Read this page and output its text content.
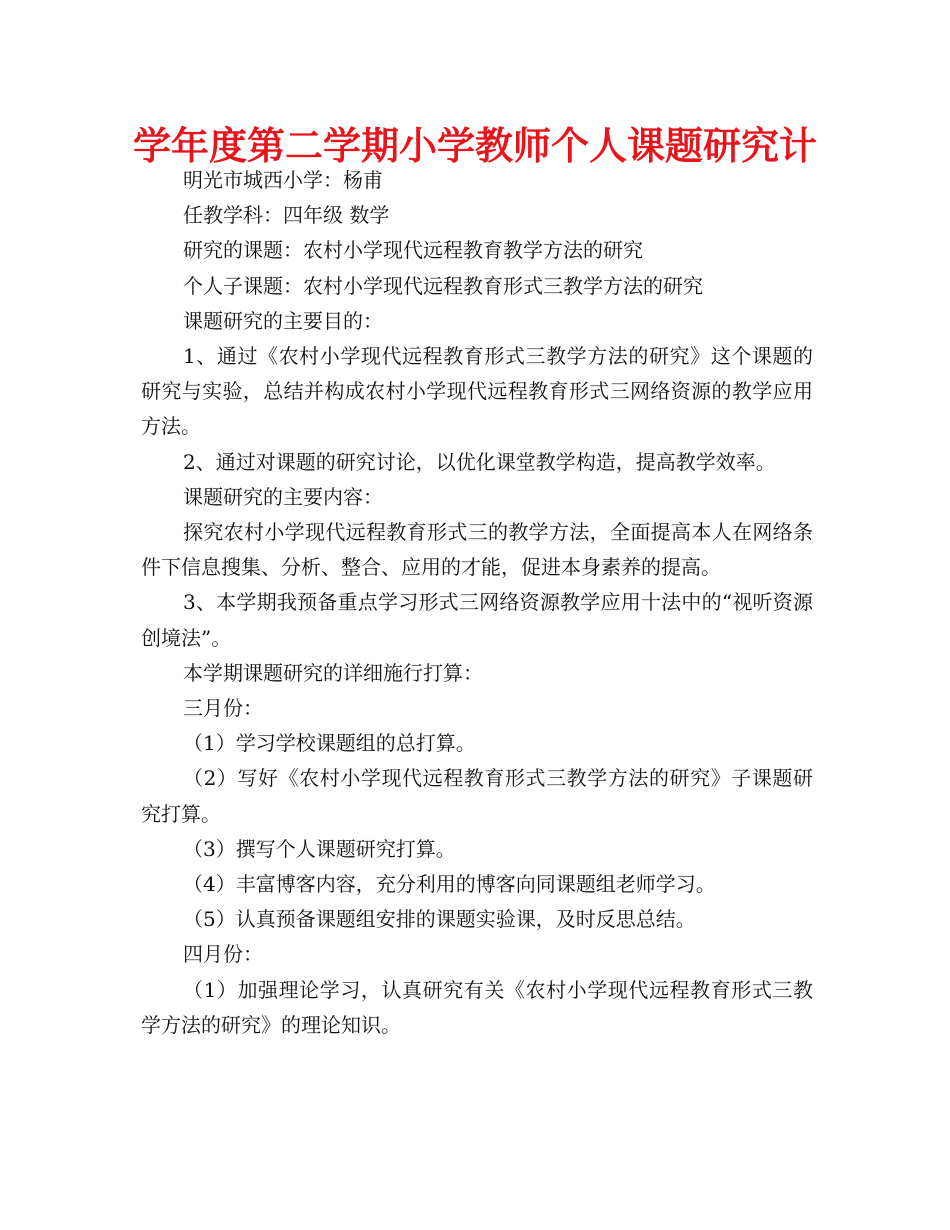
学年度第二学期小学教师个人课题研究计

明光市城西小学：杨甫

任教学科：四年级 数学

研究的课题：农村小学现代远程教育教学方法的研究

个人子课题：农村小学现代远程教育形式三教学方法的研究

课题研究的主要目的：

1、通过《农村小学现代远程教育形式三教学方法的研究》这个课题的研究与实验，总结并构成农村小学现代远程教育形式三网络资源的教学应用方法。

2、通过对课题的研究讨论，以优化课堂教学构造，提高教学效率。

课题研究的主要内容：

探究农村小学现代远程教育形式三的教学方法，全面提高本人在网络条件下信息搜集、分析、整合、应用的才能，促进本身素养的提高。

3、本学期我预备重点学习形式三网络资源教学应用十法中的“视听资源创境法”。

本学期课题研究的详细施行打算：

三月份：

（1）学习学校课题组的总打算。

（2）写好《农村小学现代远程教育形式三教学方法的研究》子课题研究打算。

（3）撰写个人课题研究打算。

（4）丰富博客内容，充分利用的博客向同课题组老师学习。

（5）认真预备课题组安排的课题实验课，及时反思总结。

四月份：

（1）加强理论学习，认真研究有关《农村小学现代远程教育形式三教学方法的研究》的理论知识。
